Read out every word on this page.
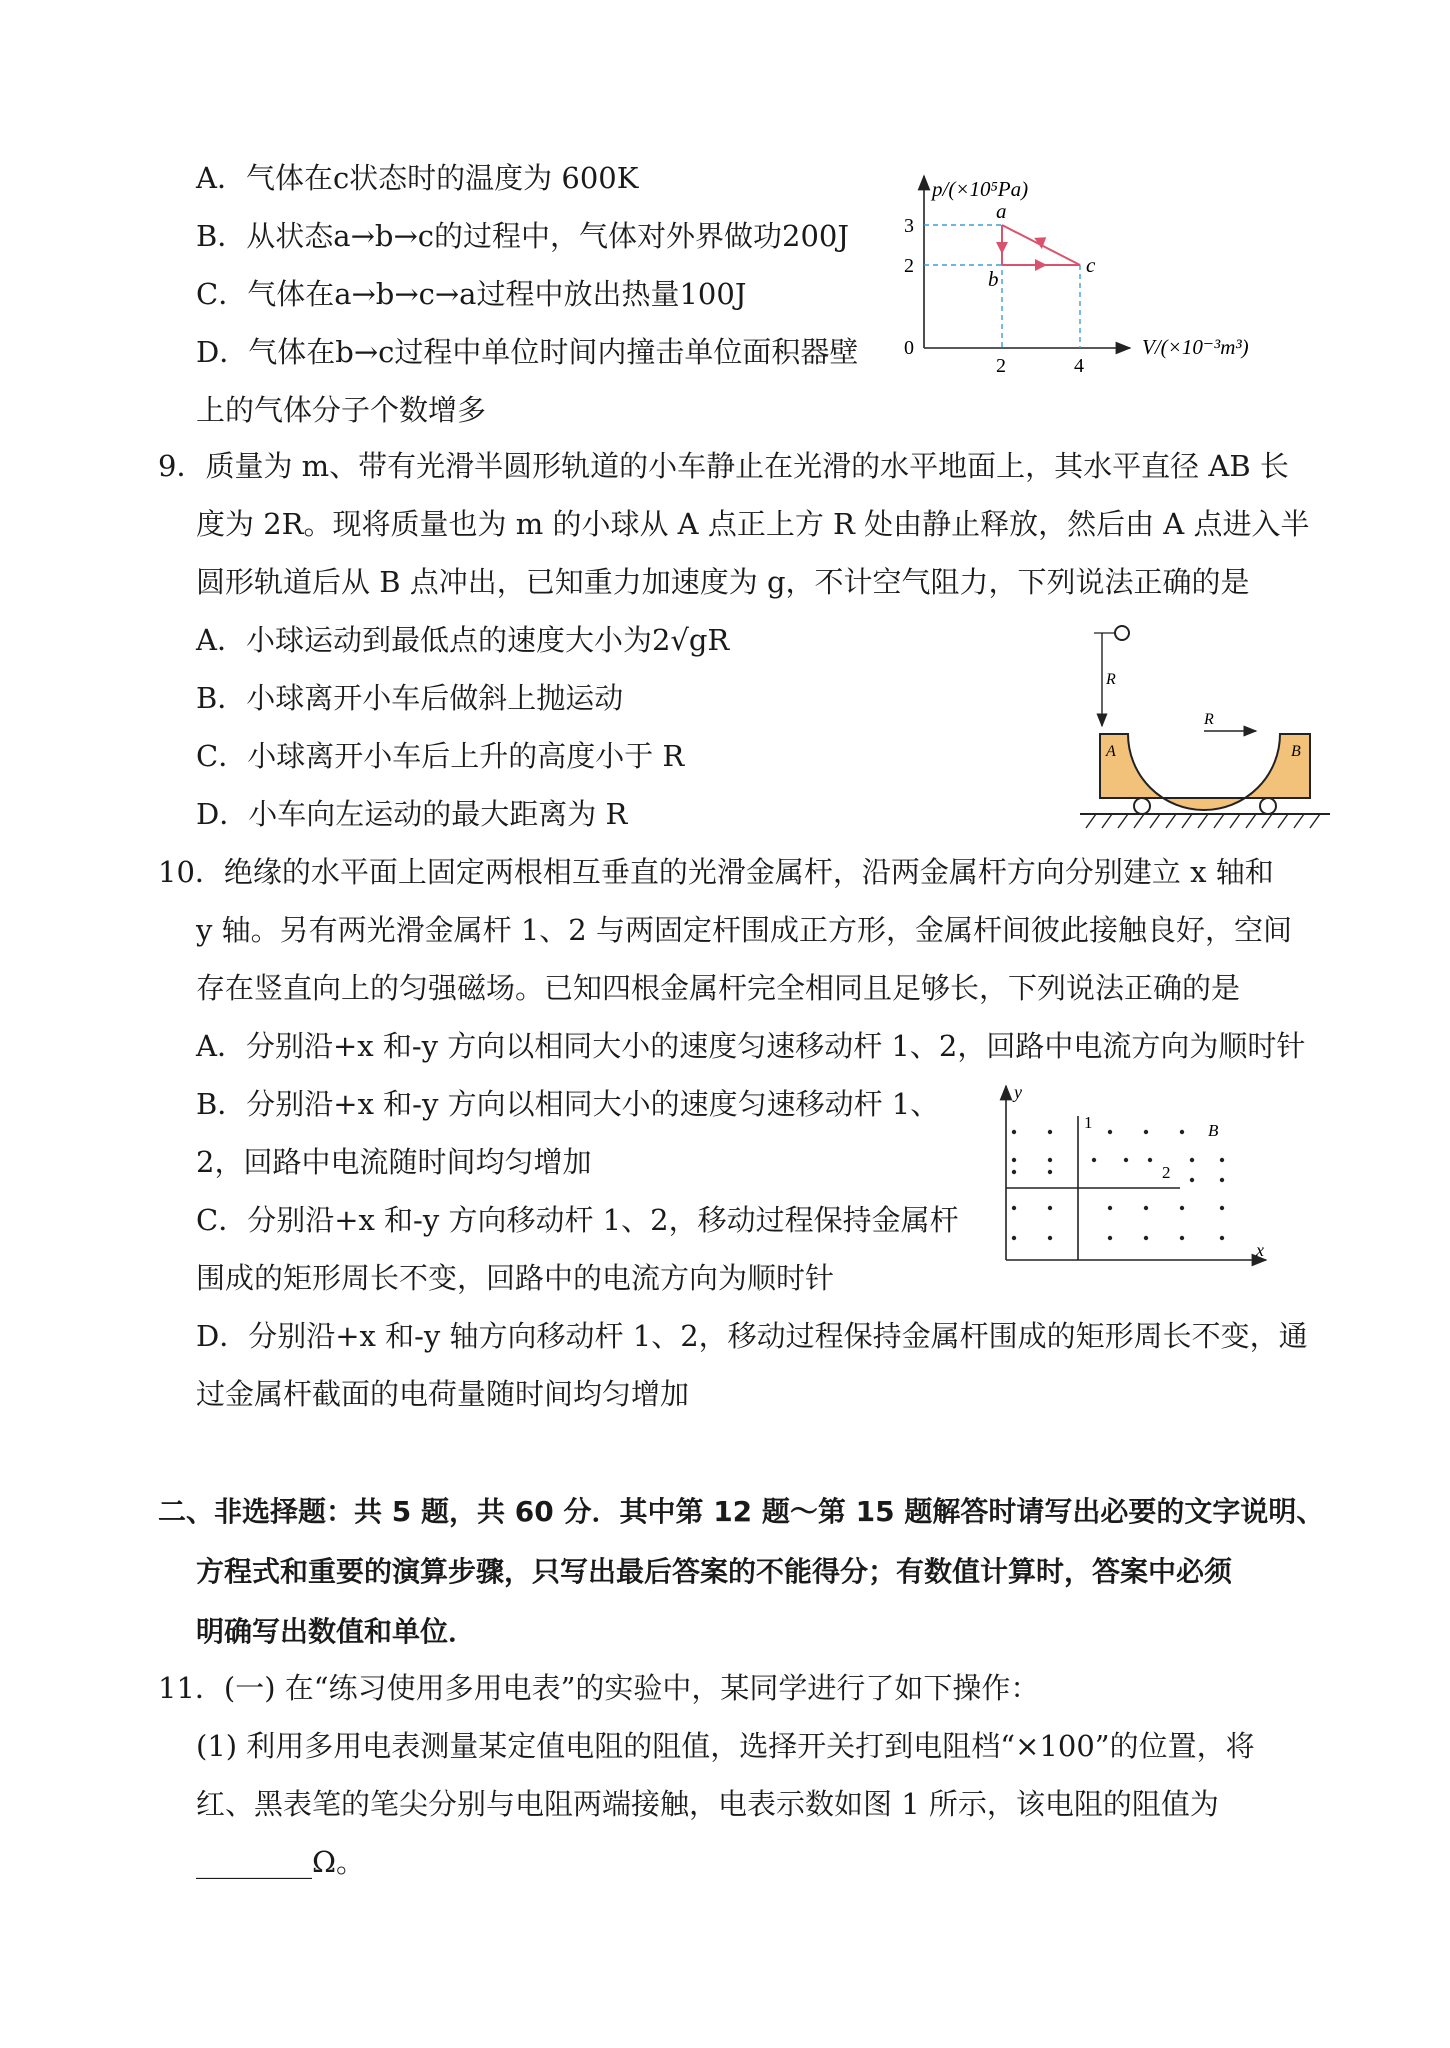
A．气体在c状态时的温度为 600K
B．从状态a→b→c的过程中，气体对外界做功200J
C．气体在a→b→c→a过程中放出热量100J
D．气体在b→c过程中单位时间内撞击单位面积器壁
上的气体分子个数增多
p/(×10⁵Pa)
V/(×10⁻³m³)
0
3
2
2	4
a
b
c
9．质量为 m、带有光滑半圆形轨道的小车静止在光滑的水平地面上，其水平直径 AB 长
度为 2R。现将质量也为 m 的小球从 A 点正上方 R 处由静止释放，然后由 A 点进入半
圆形轨道后从 B 点冲出，已知重力加速度为 g，不计空气阻力，下列说法正确的是
A．小球运动到最低点的速度大小为2√gR
B．小球离开小车后做斜上抛运动
C．小球离开小车后上升的高度小于 R
D．小车向左运动的最大距离为 R
R
R
A	B
10．绝缘的水平面上固定两根相互垂直的光滑金属杆，沿两金属杆方向分别建立 x 轴和
y 轴。另有两光滑金属杆 1、2 与两固定杆围成正方形，金属杆间彼此接触良好，空间
存在竖直向上的匀强磁场。已知四根金属杆完全相同且足够长，下列说法正确的是
A．分别沿+x 和-y 方向以相同大小的速度匀速移动杆 1、2，回路中电流方向为顺时针
B．分别沿+x 和-y 方向以相同大小的速度匀速移动杆 1、
2，回路中电流随时间均匀增加
C．分别沿+x 和-y 方向移动杆 1、2，移动过程保持金属杆
围成的矩形周长不变，回路中的电流方向为顺时针
D．分别沿+x 和-y 轴方向移动杆 1、2，移动过程保持金属杆围成的矩形周长不变，通
过金属杆截面的电荷量随时间均匀增加
y
x
1
2
B
二、非选择题：共 5 题，共 60 分．其中第 12 题～第 15 题解答时请写出必要的文字说明、
方程式和重要的演算步骤，只写出最后答案的不能得分；有数值计算时，答案中必须
明确写出数值和单位．
11．(一) 在“练习使用多用电表”的实验中，某同学进行了如下操作：
(1) 利用多用电表测量某定值电阻的阻值，选择开关打到电阻档“×100”的位置，将
红、黑表笔的笔尖分别与电阻两端接触，电表示数如图 1 所示，该电阻的阻值为
________Ω。
